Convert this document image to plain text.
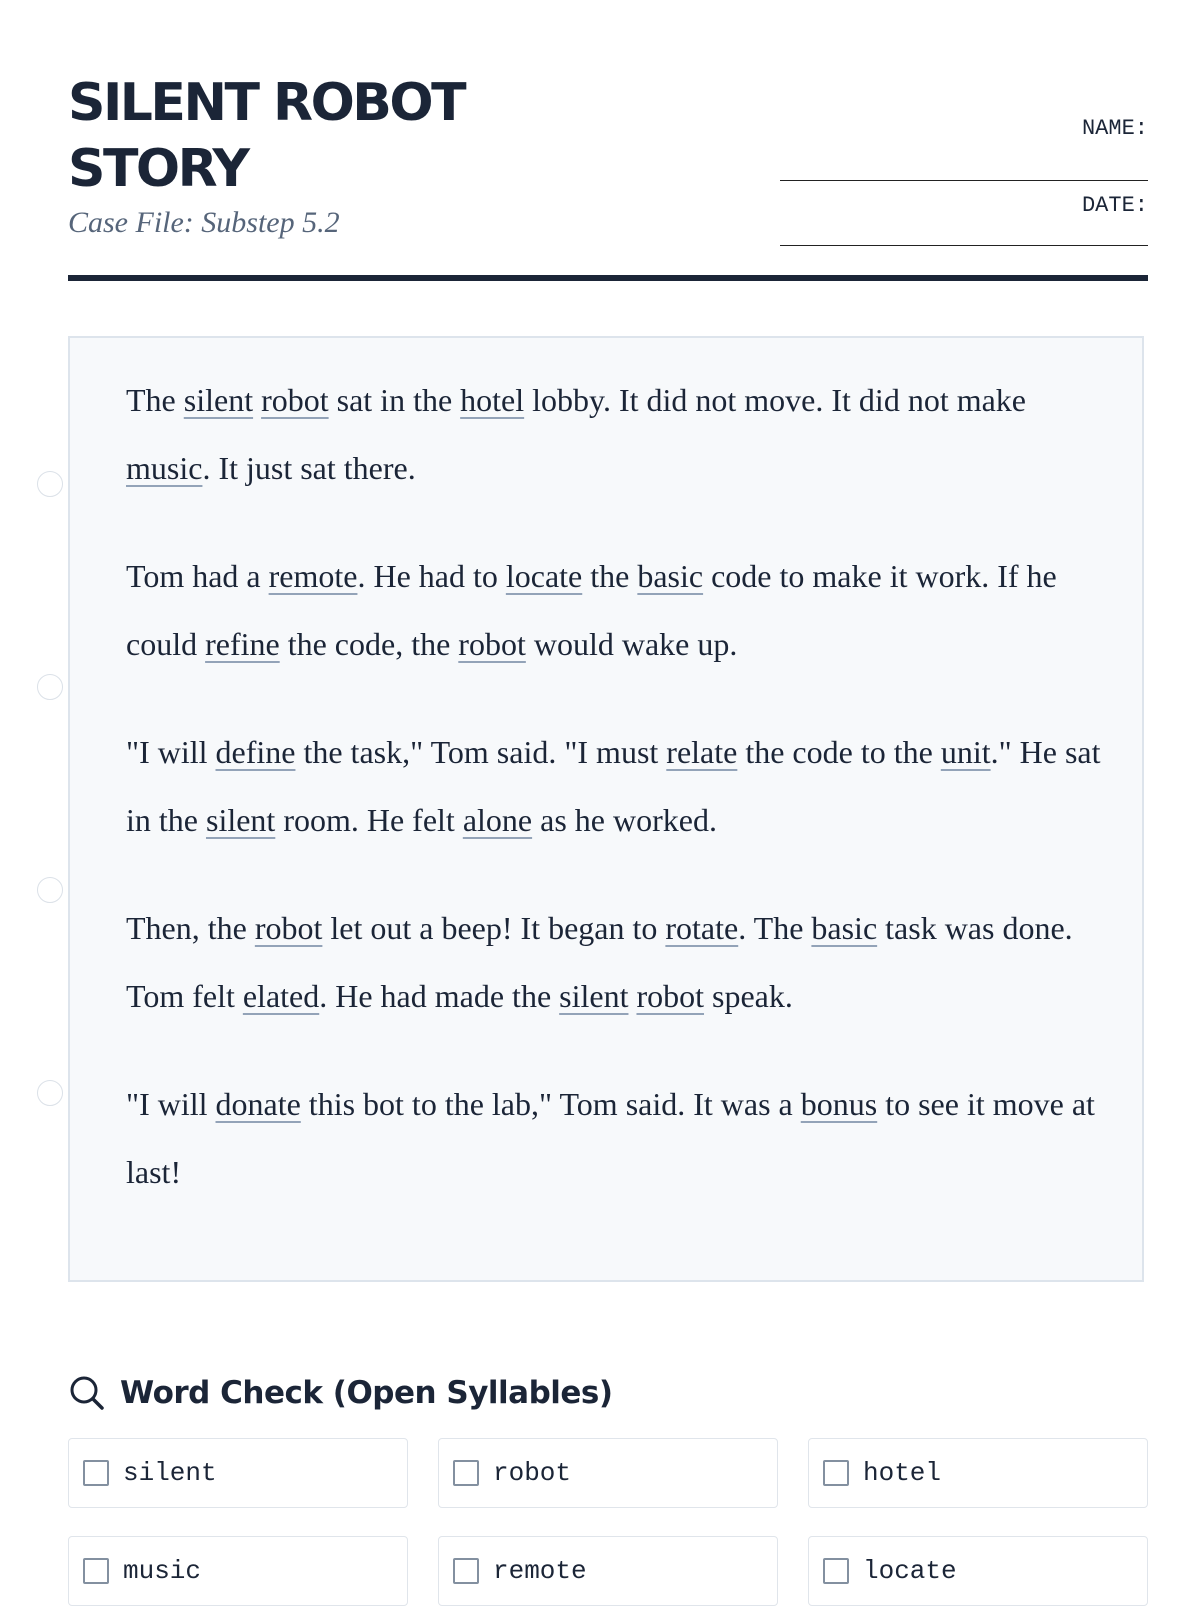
SILENT ROBOT
STORY

Case File: Substep 5.2

NAME:
DATE:

The silent robot sat in the hotel lobby. It did not move. It did not make music. It just sat there.

Tom had a remote. He had to locate the basic code to make it work. If he could refine the code, the robot would wake up.

"I will define the task," Tom said. "I must relate the code to the unit." He sat in the silent room. He felt alone as he worked.

Then, the robot let out a beep! It began to rotate. The basic task was done. Tom felt elated. He had made the silent robot speak.

"I will donate this bot to the lab," Tom said. It was a bonus to see it move at last!

Word Check (Open Syllables)
silent	robot	hotel
music	remote	locate
